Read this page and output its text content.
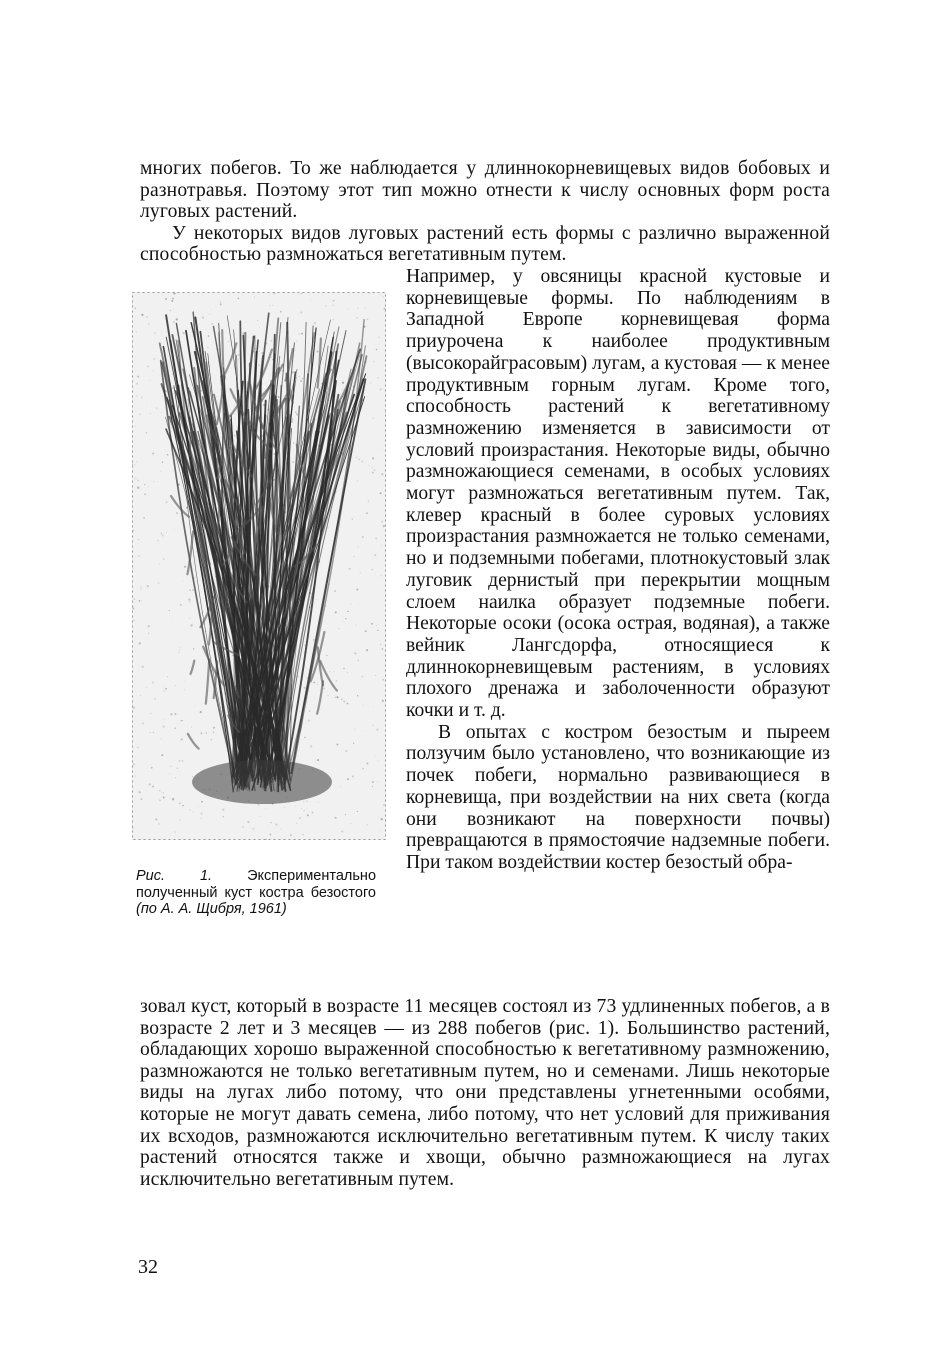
многих побегов. То же наблюдается у длиннокорневищевых видов бобовых и разнотравья. Поэтому этот тип можно отнести к числу основных форм роста луговых растений.

У некоторых видов луговых растений есть формы с различно выраженной способностью размножаться вегетативным путем.

Рис. 1. Экспериментально полученный куст костра безостого (по А. А. Щибря, 1961)

Например, у овсяницы красной кустовые и корневищевые формы. По наблюдениям в Западной Европе корневищевая форма приурочена к наиболее продуктивным (высокорайграсовым) лугам, а кустовая — к менее продуктивным горным лугам. Кроме того, способность растений к вегетативному размножению изменяется в зависимости от условий произрастания. Некоторые виды, обычно размножающиеся семенами, в особых условиях могут размножаться вегетативным путем. Так, клевер красный в более суровых условиях произрастания размножается не только семенами, но и подземными побегами, плотнокустовый злак луговик дернистый при перекрытии мощным слоем наилка образует подземные побеги. Некоторые осоки (осока острая, водяная), а также вейник Лангсдорфа, относящиеся к длиннокорневищевым растениям, в условиях плохого дренажа и заболоченности образуют кочки и т. д.

В опытах с костром безостым и пыреем ползучим было установлено, что возникающие из почек побеги, нормально развивающиеся в корневища, при воздействии на них света (когда они возникают на поверхности почвы) превращаются в прямостоячие надземные побеги. При таком воздействии костер безостый обра-

зовал куст, который в возрасте 11 месяцев состоял из 73 удлиненных побегов, а в возрасте 2 лет и 3 месяцев — из 288 побегов (рис. 1). Большинство растений, обладающих хорошо выраженной способностью к вегетативному размножению, размножаются не только вегетативным путем, но и семенами. Лишь некоторые виды на лугах либо потому, что они представлены угнетенными особями, которые не могут давать семена, либо потому, что нет условий для приживания их всходов, размножаются исключительно вегетативным путем. К числу таких растений относятся также и хвощи, обычно размножающиеся на лугах исключительно вегетативным путем.

32
